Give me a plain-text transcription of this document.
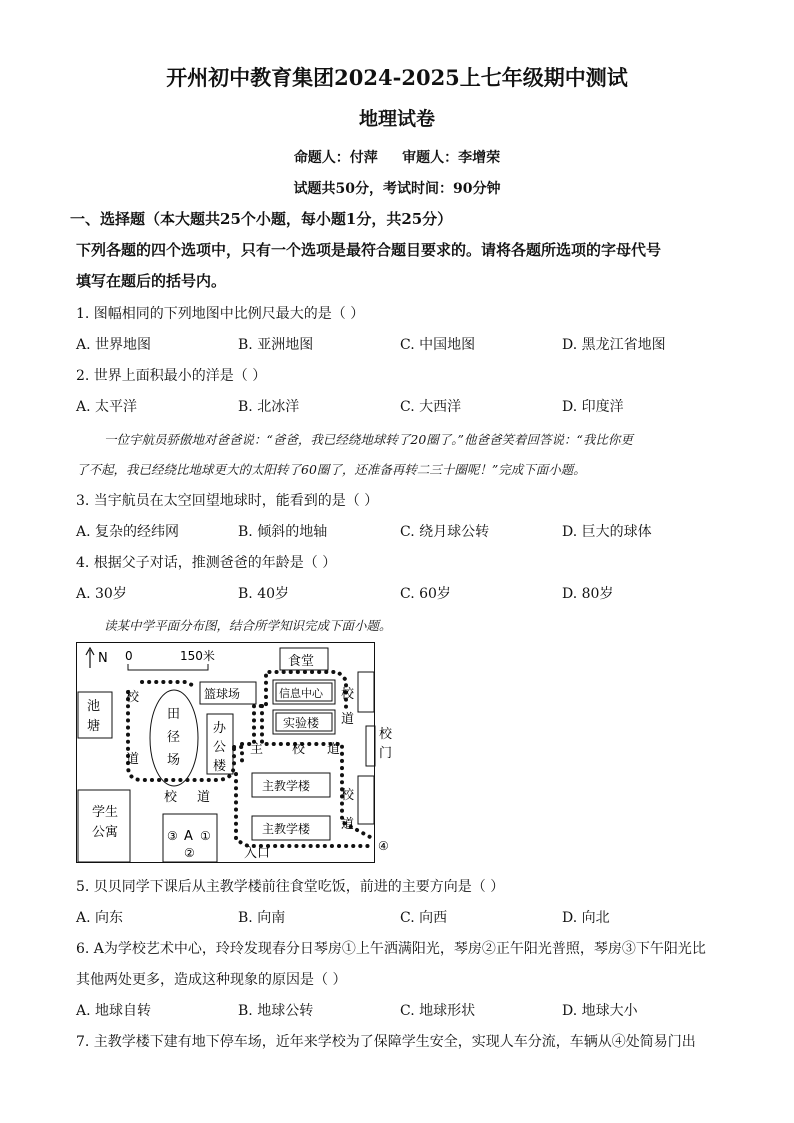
开州初中教育集团2024-2025上七年级期中测试
地理试卷
命题人：付萍     审题人：李增荣
试题共50分，考试时间：90分钟
一、选择题（本大题共25个小题，每小题1分，共25分）
下列各题的四个选项中，只有一个选项是最符合题目要求的。请将各题所选项的字母代号
填写在题后的括号内。
1. 图幅相同的下列地图中比例尺最大的是（ ）
A. 世界地图	B. 亚洲地图	C. 中国地图	D. 黑龙江省地图
2. 世界上面积最小的洋是（ ）
A. 太平洋	B. 北冰洋	C. 大西洋	D. 印度洋
一位宇航员骄傲地对爸爸说：“爸爸，我已经绕地球转了20圈了。”他爸爸笑着回答说：“我比你更
了不起，我已经绕比地球更大的太阳转了60圈了，还准备再转二三十圈呢！”完成下面小题。
3. 当宇航员在太空回望地球时，能看到的是（ ）
A. 复杂的经纬网	B. 倾斜的地轴	C. 绕月球公转	D. 巨大的球体
4. 根据父子对话，推测爸爸的年龄是（ ）
A. 30岁	B. 40岁	C. 60岁	D. 80岁
读某中学平面分布图，结合所学知识完成下面小题。
N 0	150米	食堂
池
塘
篮球场	信息中心
实验楼
田
径
场
办
公
楼
主教学楼
主教学楼
学生
公寓	③ A ①
②
校
门
校
道
校 道
主 校 道
校
道
校
道
入口	④
5. 贝贝同学下课后从主教学楼前往食堂吃饭，前进的主要方向是（ ）
A. 向东	B. 向南	C. 向西	D. 向北
6. A为学校艺术中心，玲玲发现春分日琴房①上午洒满阳光，琴房②正午阳光普照，琴房③下午阳光比
其他两处更多，造成这种现象的原因是（ ）
A. 地球自转	B. 地球公转	C. 地球形状	D. 地球大小
7. 主教学楼下建有地下停车场，近年来学校为了保障学生安全，实现人车分流，车辆从④处简易门出
